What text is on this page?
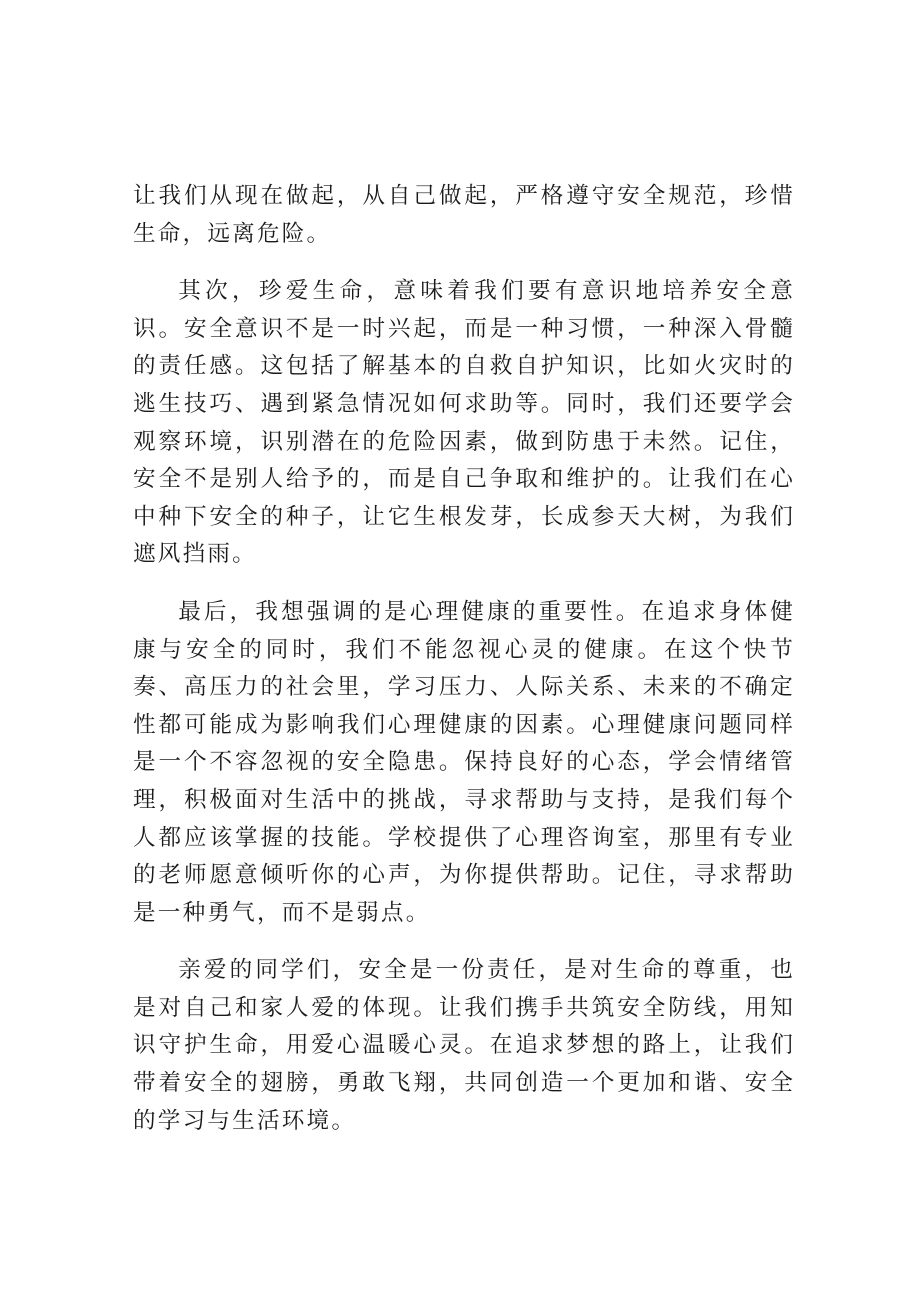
让我们从现在做起，从自己做起，严格遵守安全规范，珍惜生命，远离危险。

其次，珍爱生命，意味着我们要有意识地培养安全意识。安全意识不是一时兴起，而是一种习惯，一种深入骨髓的责任感。这包括了解基本的自救自护知识，比如火灾时的逃生技巧、遇到紧急情况如何求助等。同时，我们还要学会观察环境，识别潜在的危险因素，做到防患于未然。记住，安全不是别人给予的，而是自己争取和维护的。让我们在心中种下安全的种子，让它生根发芽，长成参天大树，为我们遮风挡雨。

最后，我想强调的是心理健康的重要性。在追求身体健康与安全的同时，我们不能忽视心灵的健康。在这个快节奏、高压力的社会里，学习压力、人际关系、未来的不确定性都可能成为影响我们心理健康的因素。心理健康问题同样是一个不容忽视的安全隐患。保持良好的心态，学会情绪管理，积极面对生活中的挑战，寻求帮助与支持，是我们每个人都应该掌握的技能。学校提供了心理咨询室，那里有专业的老师愿意倾听你的心声，为你提供帮助。记住，寻求帮助是一种勇气，而不是弱点。

亲爱的同学们，安全是一份责任，是对生命的尊重，也是对自己和家人爱的体现。让我们携手共筑安全防线，用知识守护生命，用爱心温暖心灵。在追求梦想的路上，让我们带着安全的翅膀，勇敢飞翔，共同创造一个更加和谐、安全的学习与生活环境。
